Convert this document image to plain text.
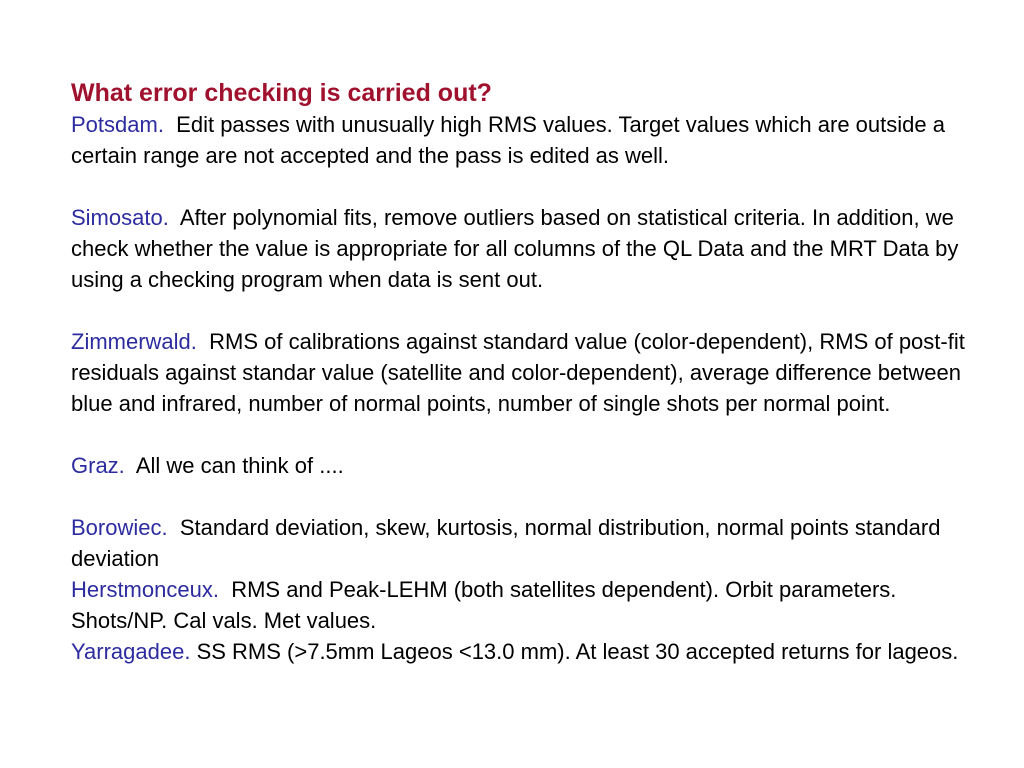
What error checking is carried out?

Potsdam. Edit passes with unusually high RMS values. Target values which are outside a certain range are not accepted and the pass is edited as well.

Simosato. After polynomial fits, remove outliers based on statistical criteria. In addition, we check whether the value is appropriate for all columns of the QL Data and the MRT Data by using a checking program when data is sent out.

Zimmerwald. RMS of calibrations against standard value (color-dependent), RMS of post-fit residuals against standar value (satellite and color-dependent), average difference between blue and infrared, number of normal points, number of single shots per normal point.

Graz. All we can think of ....

Borowiec. Standard deviation, skew, kurtosis, normal distribution, normal points standard deviation

Herstmonceux. RMS and Peak-LEHM (both satellites dependent). Orbit parameters. Shots/NP. Cal vals. Met values.

Yarragadee. SS RMS (>7.5mm Lageos <13.0 mm). At least 30 accepted returns for lageos.
